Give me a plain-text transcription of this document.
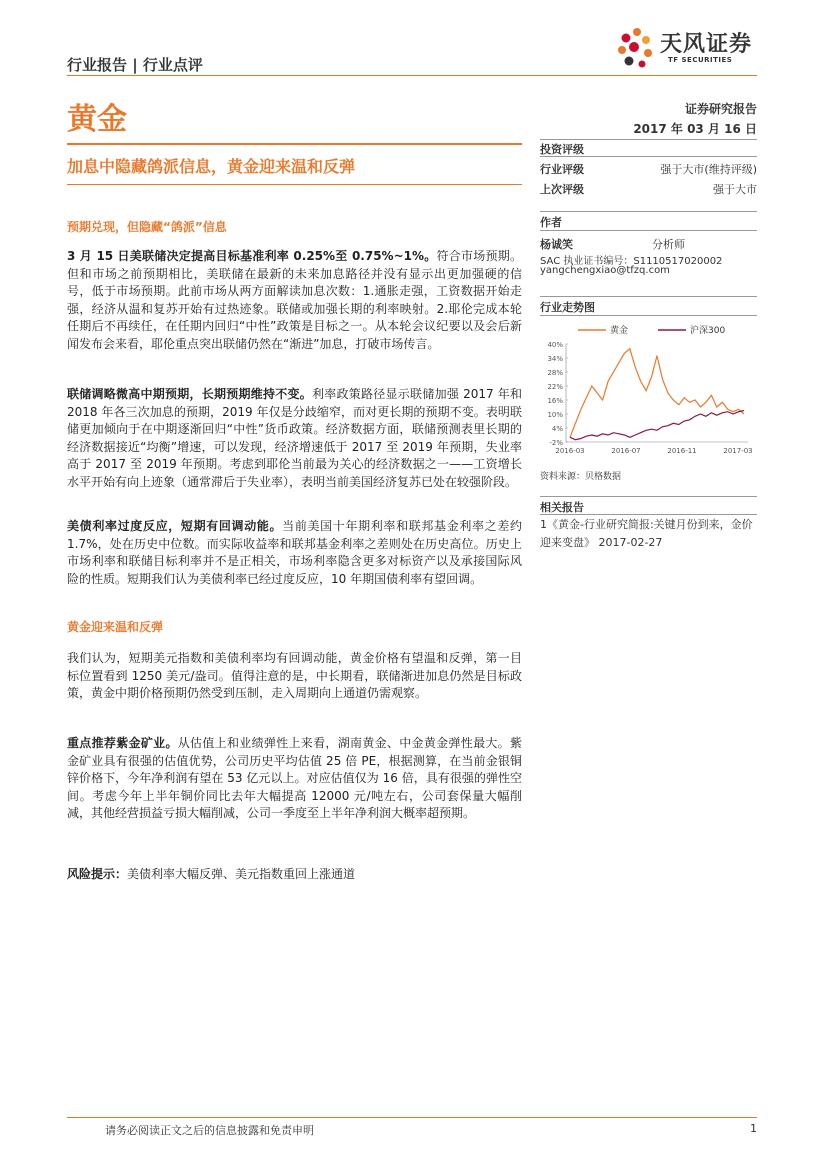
行业报告 | 行业点评
天风证券
TF SECURITIES
黄金	证券研究报告
2017 年 03 月 16 日
加息中隐藏鸽派信息，黄金迎来温和反弹
预期兑现，但隐藏“鸽派”信息
3 月 15 日美联储决定提高目标基准利率 0.25%至 0.75%~1%。符合市场预期。但和市场之前预期相比，美联储在最新的未来加息路径并没有显示出更加强硬的信号，低于市场预期。此前市场从两方面解读加息次数：1.通胀走强，工资数据开始走强，经济从温和复苏开始有过热迹象。联储或加强长期的利率映射。2.耶伦完成本轮任期后不再续任，在任期内回归“中性”政策是目标之一。从本轮会议纪要以及会后新闻发布会来看，耶伦重点突出联储仍然在“渐进”加息，打破市场传言。
联储调略微高中期预期，长期预期维持不变。利率政策路径显示联储加强 2017 年和 2018 年各三次加息的预期，2019 年仅是分歧缩窄，而对更长期的预期不变。表明联储更加倾向于在中期逐渐回归“中性”货币政策。经济数据方面，联储预测表里长期的经济数据接近“均衡”增速，可以发现，经济增速低于 2017 至 2019 年预期，失业率高于 2017 至 2019 年预期。考虑到耶伦当前最为关心的经济数据之一——工资增长水平开始有向上迹象（通常滞后于失业率），表明当前美国经济复苏已处在较强阶段。
美债利率过度反应，短期有回调动能。当前美国十年期利率和联邦基金利率之差约 1.7%，处在历史中位数。而实际收益率和联邦基金利率之差则处在历史高位。历史上市场利率和联储目标利率并不是正相关，市场利率隐含更多对标资产以及承接国际风险的性质。短期我们认为美债利率已经过度反应，10 年期国债利率有望回调。
黄金迎来温和反弹
我们认为，短期美元指数和美债利率均有回调动能，黄金价格有望温和反弹，第一目标位置看到 1250 美元/盎司。值得注意的是，中长期看，联储渐进加息仍然是目标政策，黄金中期价格预期仍然受到压制，走入周期向上通道仍需观察。
重点推荐紫金矿业。从估值上和业绩弹性上来看，湖南黄金、中金黄金弹性最大。紫金矿业具有很强的估值优势，公司历史平均估值 25 倍 PE，根据测算，在当前金银铜锌价格下，今年净利润有望在 53 亿元以上。对应估值仅为 16 倍，具有很强的弹性空间。考虑今年上半年铜价同比去年大幅提高 12000 元/吨左右，公司套保量大幅削减，其他经营损益亏损大幅削减，公司一季度至上半年净利润大概率超预期。
风险提示：美债利率大幅反弹、美元指数重回上涨通道
投资评级
行业评级	强于大市(维持评级)
上次评级	强于大市
作者
杨诚笑	分析师
SAC 执业证书编号：S1110517020002
yangchengxiao@tfzq.com
行业走势图
黄金	沪深300
40%
34%
28%
22%
16%
10%
4%
-2%
2016-03	2016-07	2016-11	2017-03
资料来源：贝格数据
相关报告
1《黄金-行业研究简报:关键月份到来，金价迎来变盘》 2017-02-27
请务必阅读正文之后的信息披露和免责申明	1
